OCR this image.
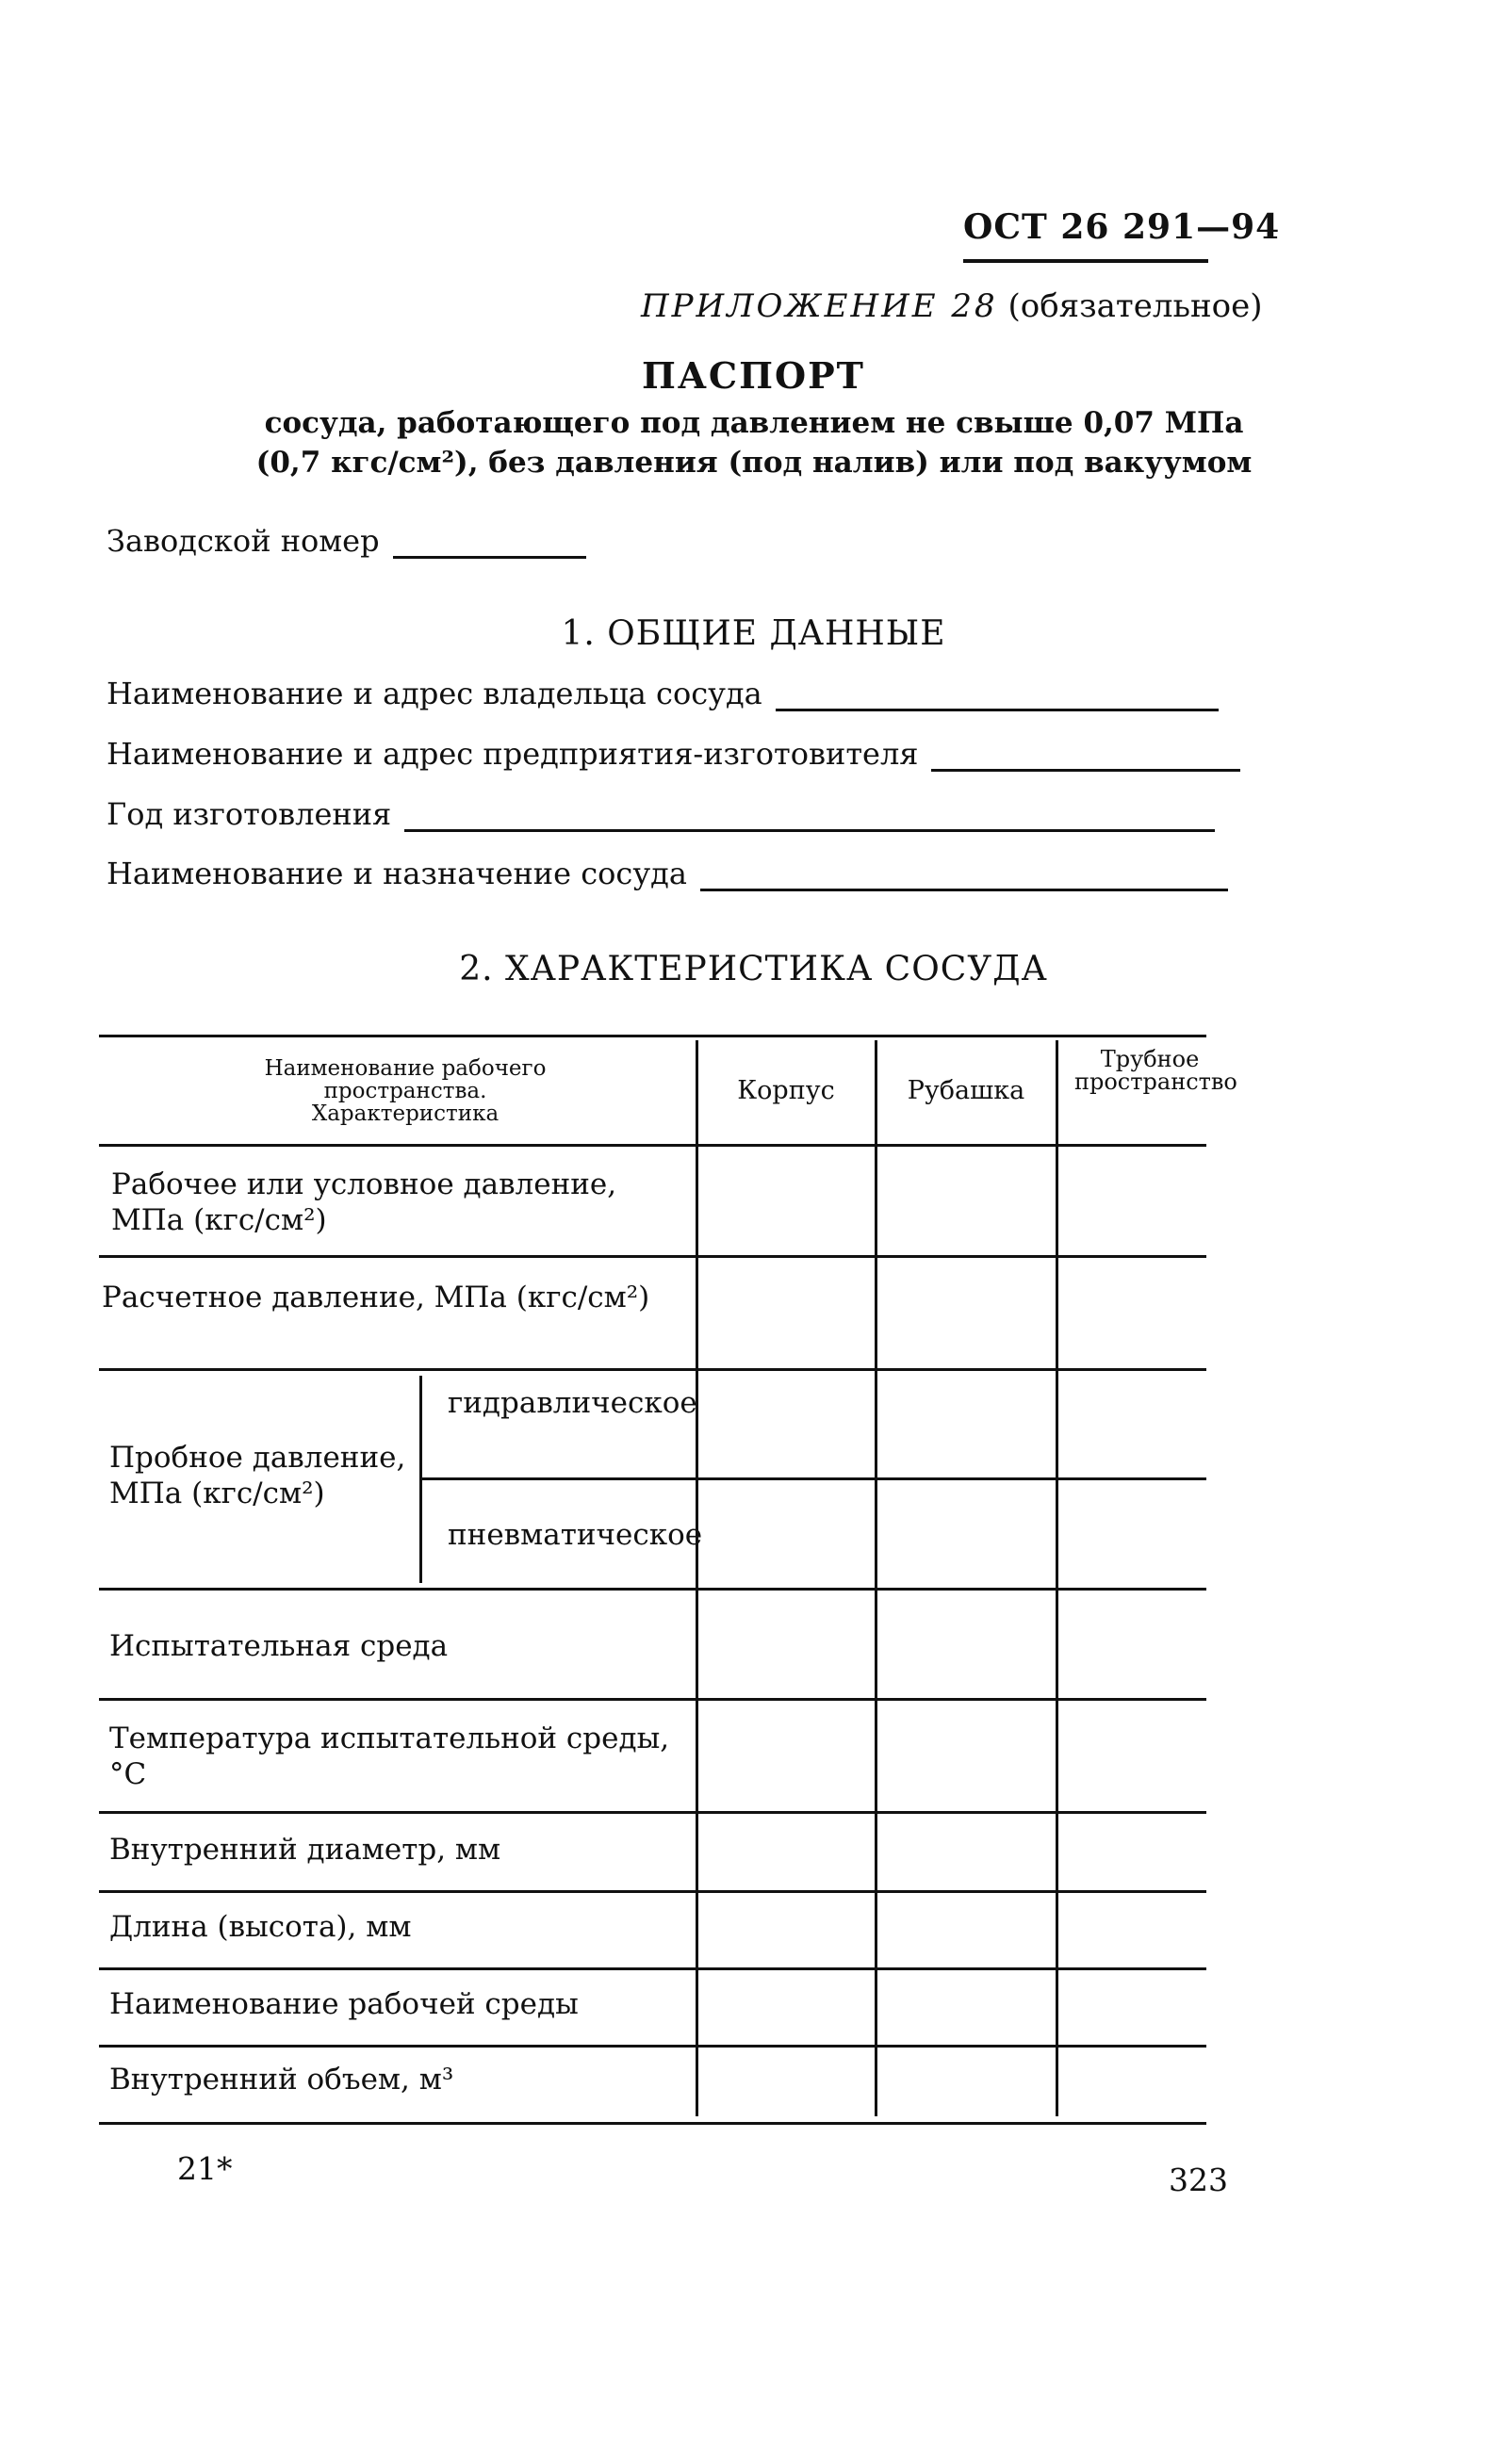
ОСТ 26 291—94
ПРИЛОЖЕНИЕ 28 (обязательное)
ПАСПОРТ
сосуда, работающего под давлением не свыше 0,07 МПа
(0,7 кгс/см²), без давления (под налив) или под вакуумом
Заводской номер
1. ОБЩИЕ ДАННЫЕ
Наименование и адрес владельца сосуда
Наименование и адрес предприятия-изготовителя
Год изготовления
Наименование и назначение сосуда
2. ХАРАКТЕРИСТИКА СОСУДА
Наименование рабочего пространства. Характеристика
Корпус	Рубашка
Трубное пространство
Рабочее или условное давление, МПа (кгс/см²)
Расчетное давление, МПа (кгс/см²)
Пробное давление, МПа (кгс/см²)
гидравлическое
пневматическое
Испытательная среда
Температура испытательной среды, °С
Внутренний диаметр, мм
Длина (высота), мм
Наименование рабочей среды
Внутренний объем, м³
21*	323
